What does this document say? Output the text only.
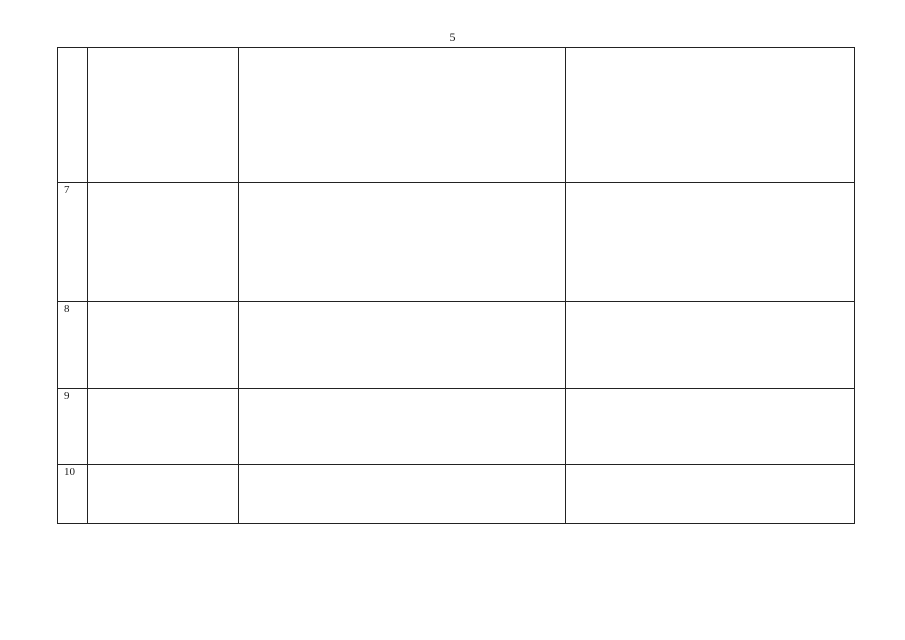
5

7			

8			

9			

10			
